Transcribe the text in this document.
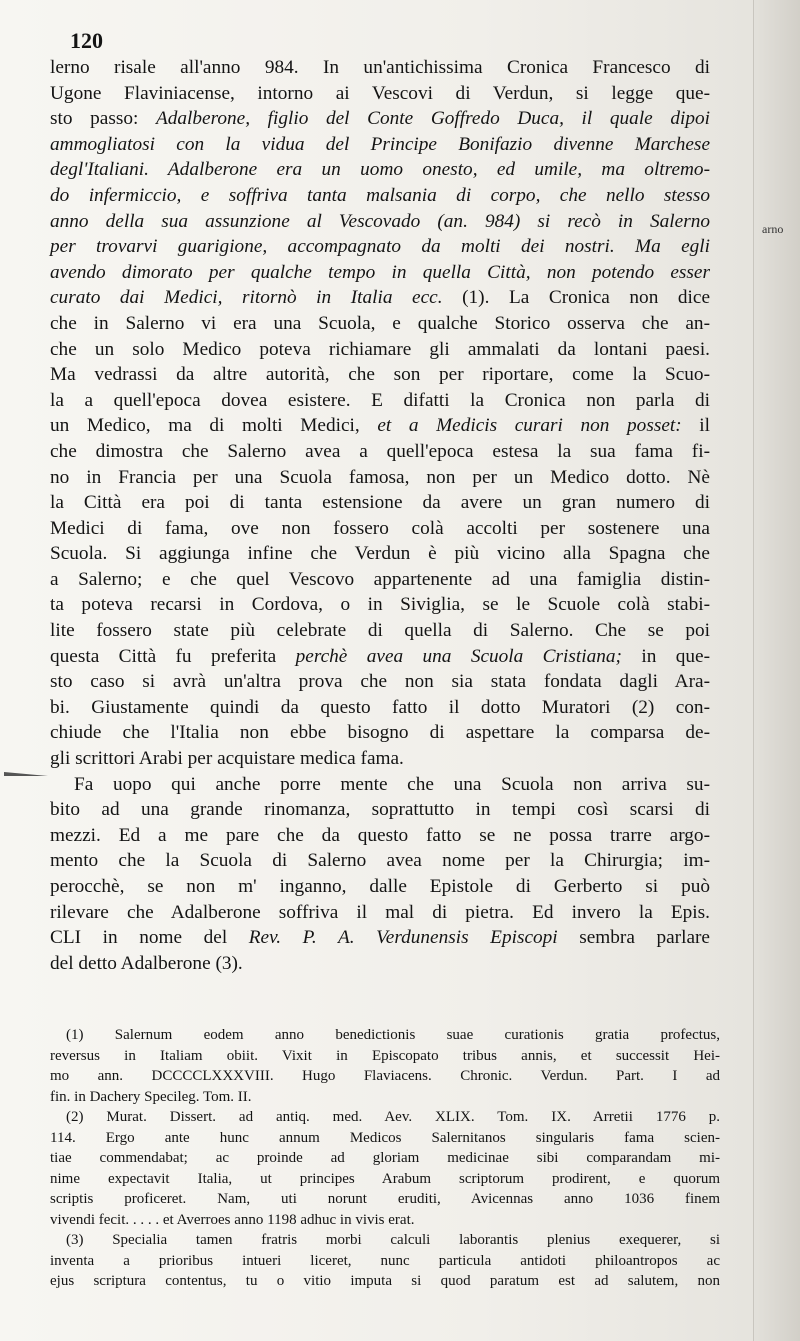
120
arno
lerno risale all'anno 984. In un'antichissima Cronica Francesco di
Ugone Flaviniacense, intorno ai Vescovi di Verdun, si legge que-
sto passo: Adalberone, figlio del Conte Goffredo Duca, il quale dipoi
ammogliatosi con la vidua del Principe Bonifazio divenne Marchese
degl'Italiani. Adalberone era un uomo onesto, ed umile, ma oltremo-
do infermiccio, e soffriva tanta malsania di corpo, che nello stesso
anno della sua assunzione al Vescovado (an. 984) si recò in Salerno
per trovarvi guarigione, accompagnato da molti dei nostri. Ma egli
avendo dimorato per qualche tempo in quella Città, non potendo esser
curato dai Medici, ritornò in Italia ecc. (1). La Cronica non dice
che in Salerno vi era una Scuola, e qualche Storico osserva che an-
che un solo Medico poteva richiamare gli ammalati da lontani paesi.
Ma vedrassi da altre autorità, che son per riportare, come la Scuo-
la a quell'epoca dovea esistere. E difatti la Cronica non parla di
un Medico, ma di molti Medici, et a Medicis curari non posset: il
che dimostra che Salerno avea a quell'epoca estesa la sua fama fi-
no in Francia per una Scuola famosa, non per un Medico dotto. Nè
la Città era poi di tanta estensione da avere un gran numero di
Medici di fama, ove non fossero colà accolti per sostenere una
Scuola. Si aggiunga infine che Verdun è più vicino alla Spagna che
a Salerno; e che quel Vescovo appartenente ad una famiglia distin-
ta poteva recarsi in Cordova, o in Siviglia, se le Scuole colà stabi-
lite fossero state più celebrate di quella di Salerno. Che se poi
questa Città fu preferita perchè avea una Scuola Cristiana; in que-
sto caso si avrà un'altra prova che non sia stata fondata dagli Ara-
bi. Giustamente quindi da questo fatto il dotto Muratori (2) con-
chiude che l'Italia non ebbe bisogno di aspettare la comparsa de-
gli scrittori Arabi per acquistare medica fama.
Fa uopo qui anche porre mente che una Scuola non arriva su-
bito ad una grande rinomanza, soprattutto in tempi così scarsi di
mezzi. Ed a me pare che da questo fatto se ne possa trarre argo-
mento che la Scuola di Salerno avea nome per la Chirurgia; im-
perocchè, se non m' inganno, dalle Epistole di Gerberto si può
rilevare che Adalberone soffriva il mal di pietra. Ed invero la Epis.
CLI in nome del Rev. P. A. Verdunensis Episcopi sembra parlare
del detto Adalberone (3).
(1) Salernum eodem anno benedictionis suae curationis gratia profectus,
reversus in Italiam obiit. Vixit in Episcopato tribus annis, et successit Hei-
mo ann. DCCCCLXXXVIII. Hugo Flaviacens. Chronic. Verdun. Part. I ad
fin. in Dachery Specileg. Tom. II.
(2) Murat. Dissert. ad antiq. med. Aev. XLIX. Tom. IX. Arretii 1776 p.
114. Ergo ante hunc annum Medicos Salernitanos singularis fama scien-
tiae commendabat; ac proinde ad gloriam medicinae sibi comparandam mi-
nime expectavit Italia, ut principes Arabum scriptorum prodirent, e quorum
scriptis proficeret. Nam, uti norunt eruditi, Avicennas anno 1036 finem
vivendi fecit. . . . . et Averroes anno 1198 adhuc in vivis erat.
(3) Specialia tamen fratris morbi calculi laborantis plenius exequerer, si
inventa a prioribus intueri liceret, nunc particula antidoti philoantropos ac
ejus scriptura contentus, tu o vitio imputa si quod paratum est ad salutem, non
